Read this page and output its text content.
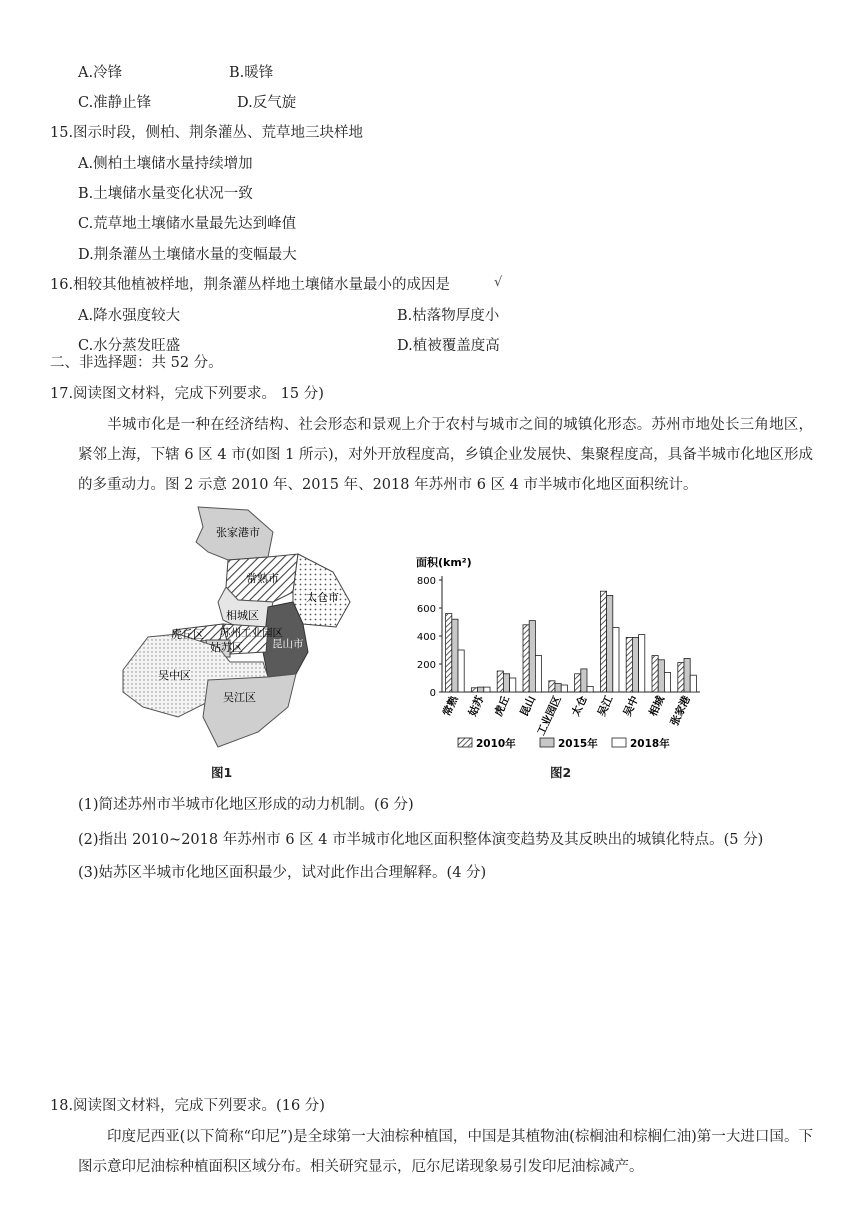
A.冷锋	B.暖锋
C.准静止锋	D.反气旋
15.图示时段，侧柏、荆条灌丛、荒草地三块样地
A.侧柏土壤储水量持续增加
B.土壤储水量变化状况一致
C.荒草地土壤储水量最先达到峰值
D.荆条灌丛土壤储水量的变幅最大
16.相较其他植被样地，荆条灌丛样地土壤储水量最小的成因是	√
A.降水强度较大	B.枯落物厚度小
C.水分蒸发旺盛	D.植被覆盖度高
二、非选择题：共 52 分。
17.阅读图文材料，完成下列要求。 15 分)
半城市化是一种在经济结构、社会形态和景观上介于农村与城市之间的城镇化形态。苏州市地处长三角地区，紧邻上海，下辖 6 区 4 市(如图 1 所示)，对外开放程度高，乡镇企业发展快、集聚程度高，具备半城市化地区形成的多重动力。图 2 示意 2010 年、2015 年、2018 年苏州市 6 区 4 市半城市化地区面积统计。
张家港市
常熟市
太仓市
相城区
虎丘区 苏州工业园区
姑苏区	昆山市
吴中区
吴江区
图1
面积(km²)
0
200
400
600
800
常熟 姑苏 虎丘 昆山
工业园区 太仓 吴江 吴中 相城 张家港
2010年	2015年	2018年
图2
(1)简述苏州市半城市化地区形成的动力机制。(6 分)
(2)指出 2010~2018 年苏州市 6 区 4 市半城市化地区面积整体演变趋势及其反映出的城镇化特点。(5 分)
(3)姑苏区半城市化地区面积最少，试对此作出合理解释。(4 分)
18.阅读图文材料，完成下列要求。(16 分)
印度尼西亚(以下简称“印尼”)是全球第一大油棕种植国，中国是其植物油(棕榈油和棕榈仁油)第一大进口国。下图示意印尼油棕种植面积区域分布。相关研究显示，厄尔尼诺现象易引发印尼油棕减产。
